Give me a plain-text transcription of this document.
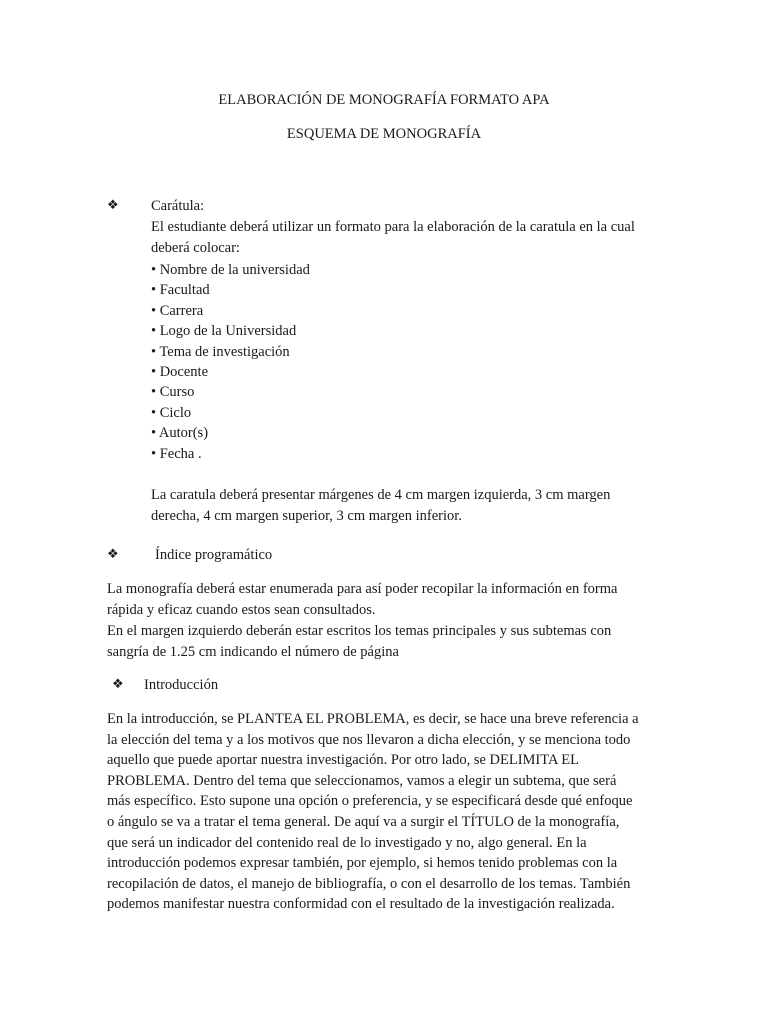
ELABORACIÓN DE MONOGRAFÍA FORMATO APA
ESQUEMA DE MONOGRAFÍA
❖	Carátula:
El estudiante deberá utilizar un formato para la elaboración de la caratula en la cual
deberá colocar:
• Nombre de la universidad
• Facultad
• Carrera
• Logo de la Universidad
• Tema de investigación
• Docente
• Curso
• Ciclo
• Autor(s)
• Fecha .
La caratula deberá presentar márgenes de 4 cm margen izquierda, 3 cm margen
derecha, 4 cm margen superior, 3 cm margen inferior.
❖	Índice programático
La monografía deberá estar enumerada para así poder recopilar la información en forma
rápida y eficaz cuando estos sean consultados.
En el margen izquierdo deberán estar escritos los temas principales y sus subtemas con
sangría de 1.25 cm indicando el número de página
❖	Introducción
En la introducción, se PLANTEA EL PROBLEMA, es decir, se hace una breve referencia a
la elección del tema y a los motivos que nos llevaron a dicha elección, y se menciona todo
aquello que puede aportar nuestra investigación. Por otro lado, se DELIMITA EL
PROBLEMA. Dentro del tema que seleccionamos, vamos a elegir un subtema, que será
más específico. Esto supone una opción o preferencia, y se especificará desde qué enfoque
o ángulo se va a tratar el tema general. De aquí va a surgir el TÍTULO de la monografía,
que será un indicador del contenido real de lo investigado y no, algo general. En la
introducción podemos expresar también, por ejemplo, si hemos tenido problemas con la
recopilación de datos, el manejo de bibliografía, o con el desarrollo de los temas. También
podemos manifestar nuestra conformidad con el resultado de la investigación realizada.
